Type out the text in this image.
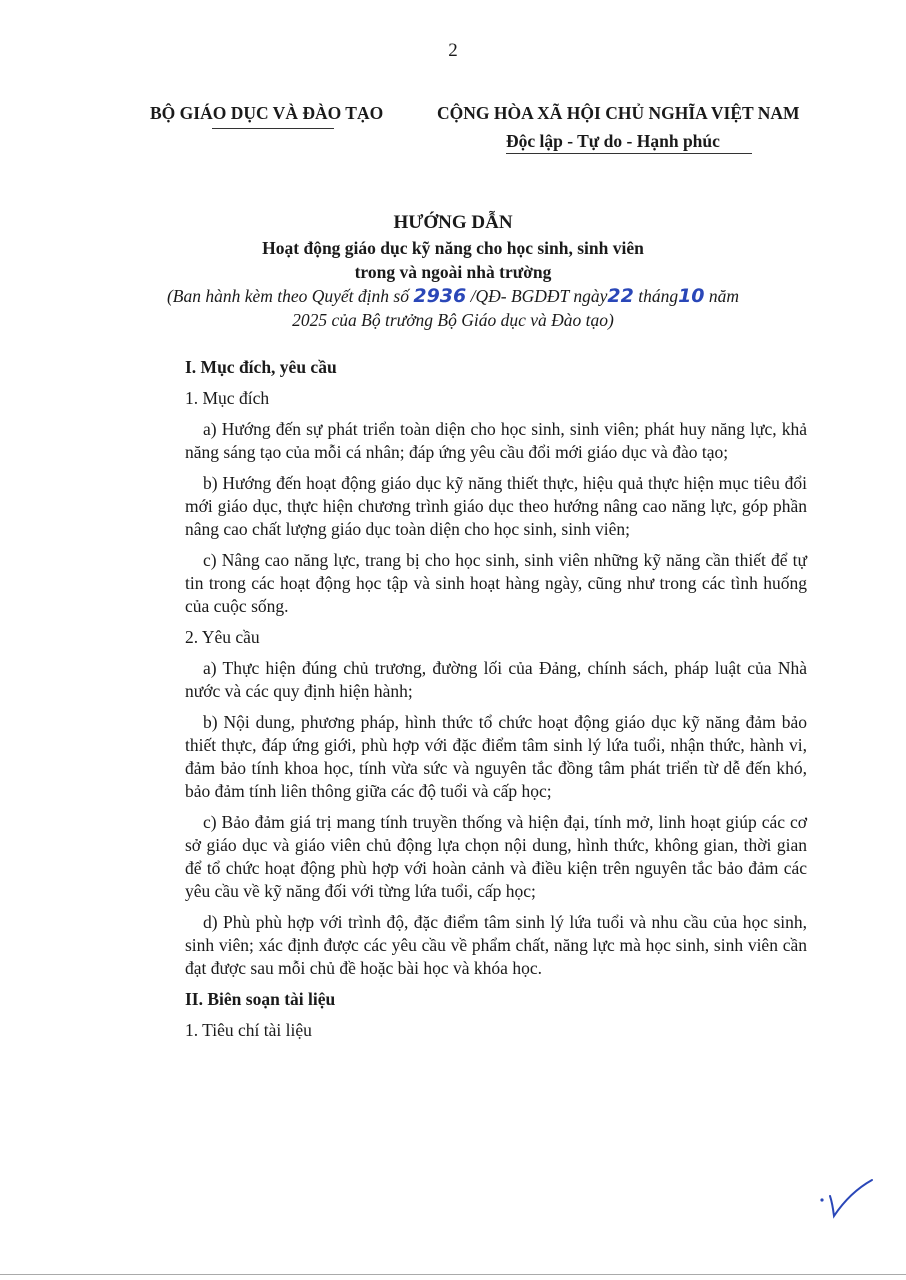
2
BỘ GIÁO DỤC VÀ ĐÀO TẠO	CỘNG HÒA XÃ HỘI CHỦ NGHĨA VIỆT NAM
Độc lập - Tự do - Hạnh phúc
HƯỚNG DẪN
Hoạt động giáo dục kỹ năng cho học sinh, sinh viên
trong và ngoài nhà trường
(Ban hành kèm theo Quyết định số 2936 /QĐ- BGDĐT ngày22 tháng10 năm
2025 của Bộ trưởng Bộ Giáo dục và Đào tạo)
I. Mục đích, yêu cầu
1. Mục đích
a) Hướng đến sự phát triển toàn diện cho học sinh, sinh viên; phát huy năng lực, khả năng sáng tạo của mỗi cá nhân; đáp ứng yêu cầu đổi mới giáo dục và đào tạo;
b) Hướng đến hoạt động giáo dục kỹ năng thiết thực, hiệu quả thực hiện mục tiêu đổi mới giáo dục, thực hiện chương trình giáo dục theo hướng nâng cao năng lực, góp phần nâng cao chất lượng giáo dục toàn diện cho học sinh, sinh viên;
c) Nâng cao năng lực, trang bị cho học sinh, sinh viên những kỹ năng cần thiết để tự tin trong các hoạt động học tập và sinh hoạt hàng ngày, cũng như trong các tình huống của cuộc sống.
2. Yêu cầu
a) Thực hiện đúng chủ trương, đường lối của Đảng, chính sách, pháp luật của Nhà nước và các quy định hiện hành;
b) Nội dung, phương pháp, hình thức tổ chức hoạt động giáo dục kỹ năng đảm bảo thiết thực, đáp ứng giới, phù hợp với đặc điểm tâm sinh lý lứa tuổi, nhận thức, hành vi, đảm bảo tính khoa học, tính vừa sức và nguyên tắc đồng tâm phát triển từ dễ đến khó, bảo đảm tính liên thông giữa các độ tuổi và cấp học;
c) Bảo đảm giá trị mang tính truyền thống và hiện đại, tính mở, linh hoạt giúp các cơ sở giáo dục và giáo viên chủ động lựa chọn nội dung, hình thức, không gian, thời gian để tổ chức hoạt động phù hợp với hoàn cảnh và điều kiện trên nguyên tắc bảo đảm các yêu cầu về kỹ năng đối với từng lứa tuổi, cấp học;
d) Phù phù hợp với trình độ, đặc điểm tâm sinh lý lứa tuổi và nhu cầu của học sinh, sinh viên; xác định được các yêu cầu về phẩm chất, năng lực mà học sinh, sinh viên cần đạt được sau mỗi chủ đề hoặc bài học và khóa học.
II. Biên soạn tài liệu
1. Tiêu chí tài liệu
